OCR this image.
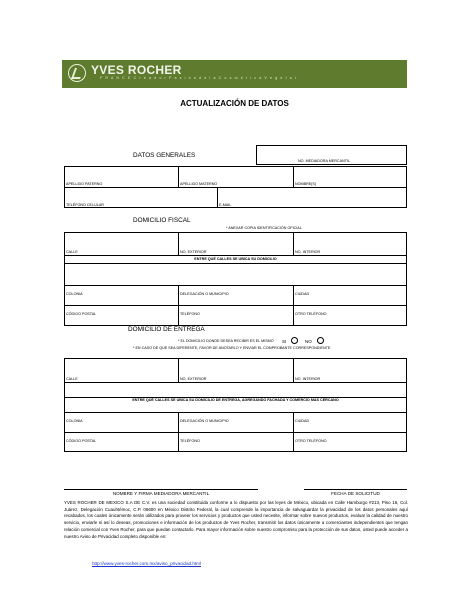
YVES ROCHER
F R A N C E C r e a d o r P a s i ó n d e l a C o s m é t i c a V e g e t a l
ACTUALIZACIÓN DE DATOS
DATOS GENERALES
NO. MEDIADORA MERCANTIL
APELLIDO PATERNO	APELLIDO MATERNO	NOMBRE(S)
TELÉFONO CELULAR	E-MAIL
DOMICILIO FISCAL
* ANEXAR COPIA IDENTIFICACIÓN OFICIAL
CALLE	NO. EXTERIOR	NO. INTERIOR
ENTRE QUÉ CALLES SE UBICA SU DOMICILIO
COLONIA	DELEGACIÓN O MUNICIPIO	CIUDAD
CÓDIGO POSTAL	TELÉFONO	OTRO TELÉFONO
DOMICILIO DE ENTREGA
* EL DOMICILIO DONDE DESEA RECIBIR ES EL MISMO SI	NO
* EN CASO DE QUE SEA DIFERENTE, FAVOR DE ANOTARLO Y ENVIAR EL COMPROBANTE CORRESPONDIENTE.
CALLE	NO. EXTERIOR	NO. INTERIOR
ENTRE QUÉ CALLES SE UBICA SU DOMICILIO DE ENTREGA, AGREGANDO FACHADA Y COMERCIO MAS CERCANO
COLONIA	DELEGACIÓN O MUNICIPIO	CIUDAD
CÓDIGO POSTAL	TELÉFONO	OTRO TELÉFONO
NOMBRE Y FIRMA MEDIADORA MERCANTIL	FECHA DE SOLICITUD
YVES ROCHER DE MEXICO S.A DE C.V. es una sociedad constituida conforme a lo dispuesto por las leyes de México, ubicada en Calle Hamburgo #213, Piso 16, Col. Juárez, Delegación Cuauhtémoc, C.P. 06600 en México Distrito Federal, la cual comprende la importancia de salvaguardar la privacidad de los datos personales aquí recabados, los cuales únicamente serán utilizados para proveer los servicios y productos que usted necesite, informar sobre nuevos productos, evaluar la calidad de nuestro servicio, enviarle si así lo deseas, promociones e información de los productos de Yves Rocher, transmitir los datos únicamente a comerciantes independientes que tengan relación comercial con Yves Rocher, para que puedan contactarlo. Para mayor información sobre nuestro compromiso para la protección de sus datos, usted puede acceder a nuestro Aviso de Privacidad completo disponible en:
http://www.yves-rocher.com.mx/aviso_privacidad.html
